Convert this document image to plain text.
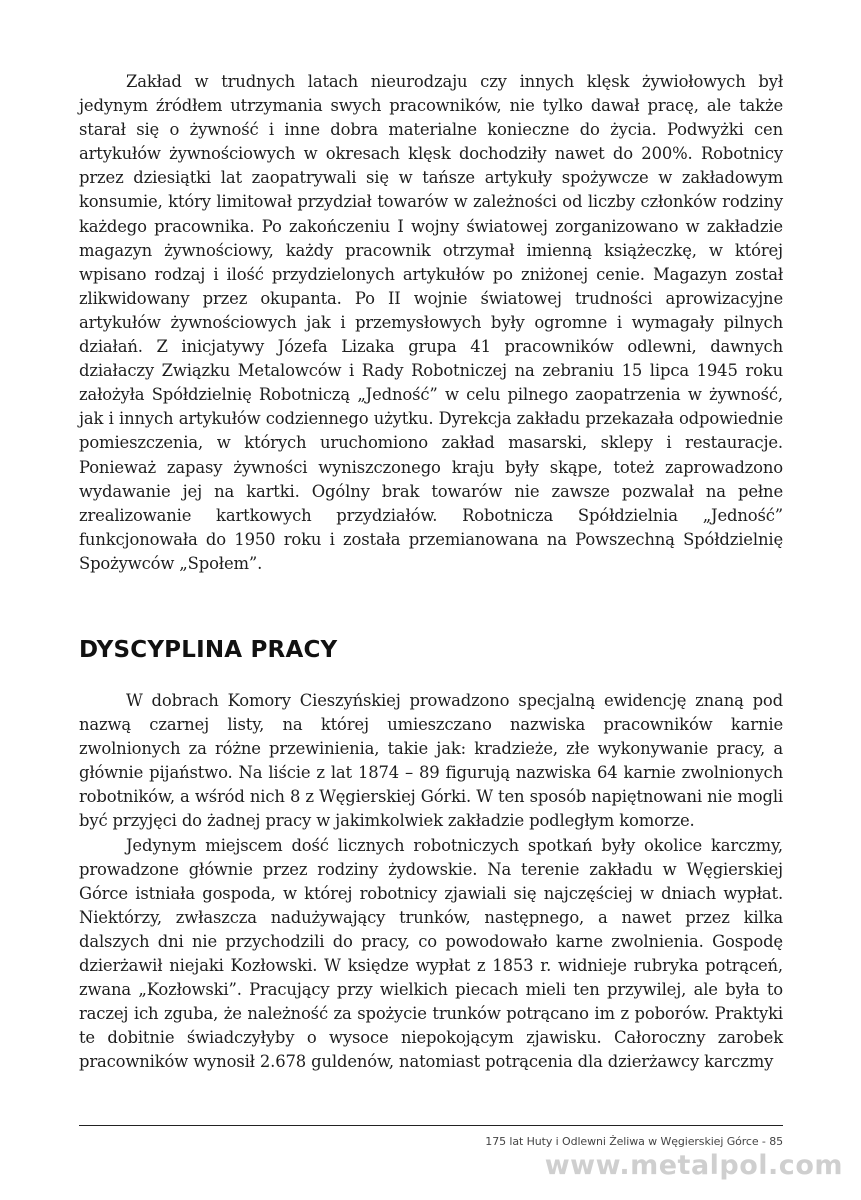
Zakład w trudnych latach nieurodzaju czy innych klęsk żywiołowych był jedynym źródłem utrzymania swych pracowników, nie tylko dawał pracę, ale także starał się o żywność i inne dobra materialne konieczne do życia. Podwyżki cen artykułów żywnościowych w okresach klęsk dochodziły nawet do 200%. Robotnicy przez dziesiątki lat zaopatrywali się w tańsze artykuły spożywcze w zakładowym konsumie, który limitował przydział towarów w zależności od liczby członków rodziny każdego pracownika. Po zakończeniu I wojny światowej zorganizowano w zakładzie magazyn żywnościowy, każdy pracownik otrzymał imienną książeczkę, w której wpisano rodzaj i ilość przydzielonych artykułów po zniżonej cenie. Magazyn został zlikwidowany przez okupanta. Po II wojnie światowej trudności aprowizacyjne artykułów żywnościowych jak i przemysłowych były ogromne i wymagały pilnych działań. Z inicjatywy Józefa Lizaka grupa 41 pracowników odlewni, dawnych działaczy Związku Metalowców i Rady Robotniczej na zebraniu 15 lipca 1945 roku założyła Spółdzielnię Robotniczą „Jedność” w celu pilnego zaopatrzenia w żywność, jak i innych artykułów codziennego użytku. Dyrekcja zakładu przekazała odpowiednie pomieszczenia, w których uruchomiono zakład masarski, sklepy i restauracje. Ponieważ zapasy żywności wyniszczonego kraju były skąpe, toteż zaprowadzono wydawanie jej na kartki. Ogólny brak towarów nie zawsze pozwalał na pełne zrealizowanie kartkowych przydziałów. Robotnicza Spółdzielnia „Jedność” funkcjonowała do 1950 roku i została przemianowana na Powszechną Spółdzielnię Spożywców „Społem”.

DYSCYPLINA PRACY

W dobrach Komory Cieszyńskiej prowadzono specjalną ewidencję znaną pod nazwą czarnej listy, na której umieszczano nazwiska pracowników karnie zwolnionych za różne przewinienia, takie jak: kradzieże, złe wykonywanie pracy, a głównie pijaństwo. Na liście z lat 1874 – 89 figurują nazwiska 64 karnie zwolnionych robotników, a wśród nich 8 z Węgierskiej Górki. W ten sposób napiętnowani nie mogli być przyjęci do żadnej pracy w jakimkolwiek zakładzie podległym komorze.

Jedynym miejscem dość licznych robotniczych spotkań były okolice karczmy, prowadzone głównie przez rodziny żydowskie. Na terenie zakładu w Węgierskiej Górce istniała gospoda, w której robotnicy zjawiali się najczęściej w dniach wypłat. Niektórzy, zwłaszcza nadużywający trunków, następnego, a nawet przez kilka dalszych dni nie przychodzili do pracy, co powodowało karne zwolnienia. Gospodę dzierżawił niejaki Kozłowski. W księdze wypłat z 1853 r. widnieje rubryka potrąceń, zwana „Kozłowski”. Pracujący przy wielkich piecach mieli ten przywilej, ale była to raczej ich zguba, że należność za spożycie trunków potrącano im z poborów. Praktyki te dobitnie świadczyłyby o wysoce niepokojącym zjawisku. Całoroczny zarobek pracowników wynosił 2.678 guldenów, natomiast potrącenia dla dzierżawcy karczmy

175 lat Huty i Odlewni Żeliwa w Węgierskiej Górce - 85
www.metalpol.com
